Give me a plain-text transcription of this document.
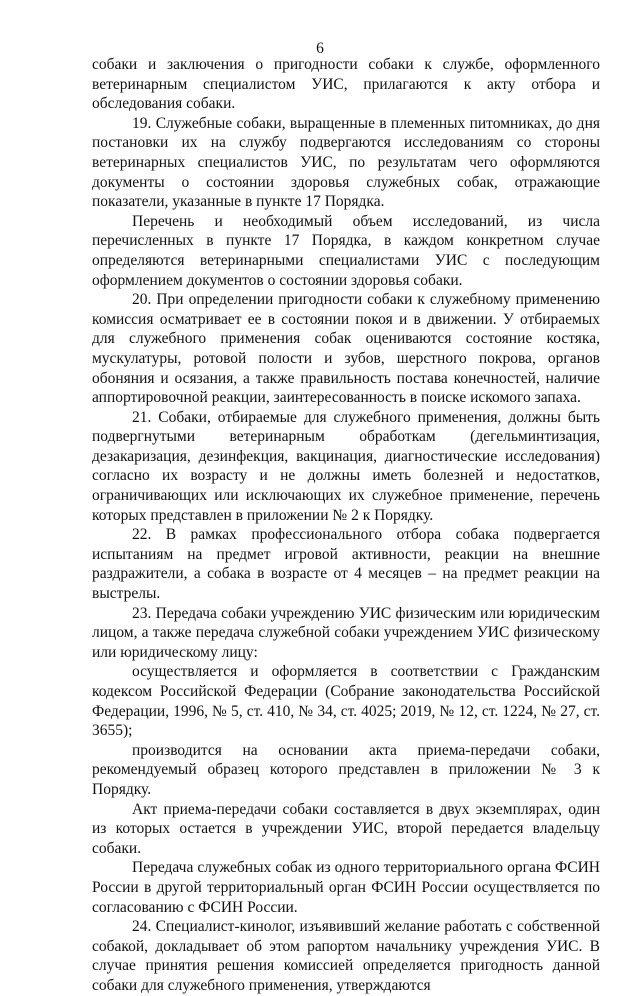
6

собаки и заключения о пригодности собаки к службе, оформленного ветеринарным специалистом УИС, прилагаются к акту отбора и обследования собаки.

19. Служебные собаки, выращенные в племенных питомниках, до дня постановки их на службу подвергаются исследованиям со стороны ветеринарных специалистов УИС, по результатам чего оформляются документы о состоянии здоровья служебных собак, отражающие показатели, указанные в пункте 17 Порядка.

Перечень и необходимый объем исследований, из числа перечисленных в пункте 17 Порядка, в каждом конкретном случае определяются ветеринарными специалистами УИС с последующим оформлением документов о состоянии здоровья собаки.

20. При определении пригодности собаки к служебному применению комиссия осматривает ее в состоянии покоя и в движении. У отбираемых для служебного применения собак оцениваются состояние костяка, мускулатуры, ротовой полости и зубов, шерстного покрова, органов обоняния и осязания, а также правильность постава конечностей, наличие аппортировочной реакции, заинтересованность в поиске искомого запаха.

21. Собаки, отбираемые для служебного применения, должны быть подвергнутыми ветеринарным обработкам (дегельминтизация, дезакаризация, дезинфекция, вакцинация, диагностические исследования) согласно их возрасту и не должны иметь болезней и недостатков, ограничивающих или исключающих их служебное применение, перечень которых представлен в приложении № 2 к Порядку.

22. В рамках профессионального отбора собака подвергается испытаниям на предмет игровой активности, реакции на внешние раздражители, а собака в возрасте от 4 месяцев – на предмет реакции на выстрелы.

23. Передача собаки учреждению УИС физическим или юридическим лицом, а также передача служебной собаки учреждением УИС физическому или юридическому лицу:

осуществляется и оформляется в соответствии с Гражданским кодексом Российской Федерации (Собрание законодательства Российской Федерации, 1996, № 5, ст. 410, № 34, ст. 4025; 2019, № 12, ст. 1224, № 27, ст. 3655);

производится на основании акта приема-передачи собаки, рекомендуемый образец которого представлен в приложении № 3 к Порядку.

Акт приема-передачи собаки составляется в двух экземплярах, один из которых остается в учреждении УИС, второй передается владельцу собаки.

Передача служебных собак из одного территориального органа ФСИН России в другой территориальный орган ФСИН России осуществляется по согласованию с ФСИН России.

24. Специалист-кинолог, изъявивший желание работать с собственной собакой, докладывает об этом рапортом начальнику учреждения УИС. В случае принятия решения комиссией определяется пригодность данной собаки для служебного применения, утверждаются
